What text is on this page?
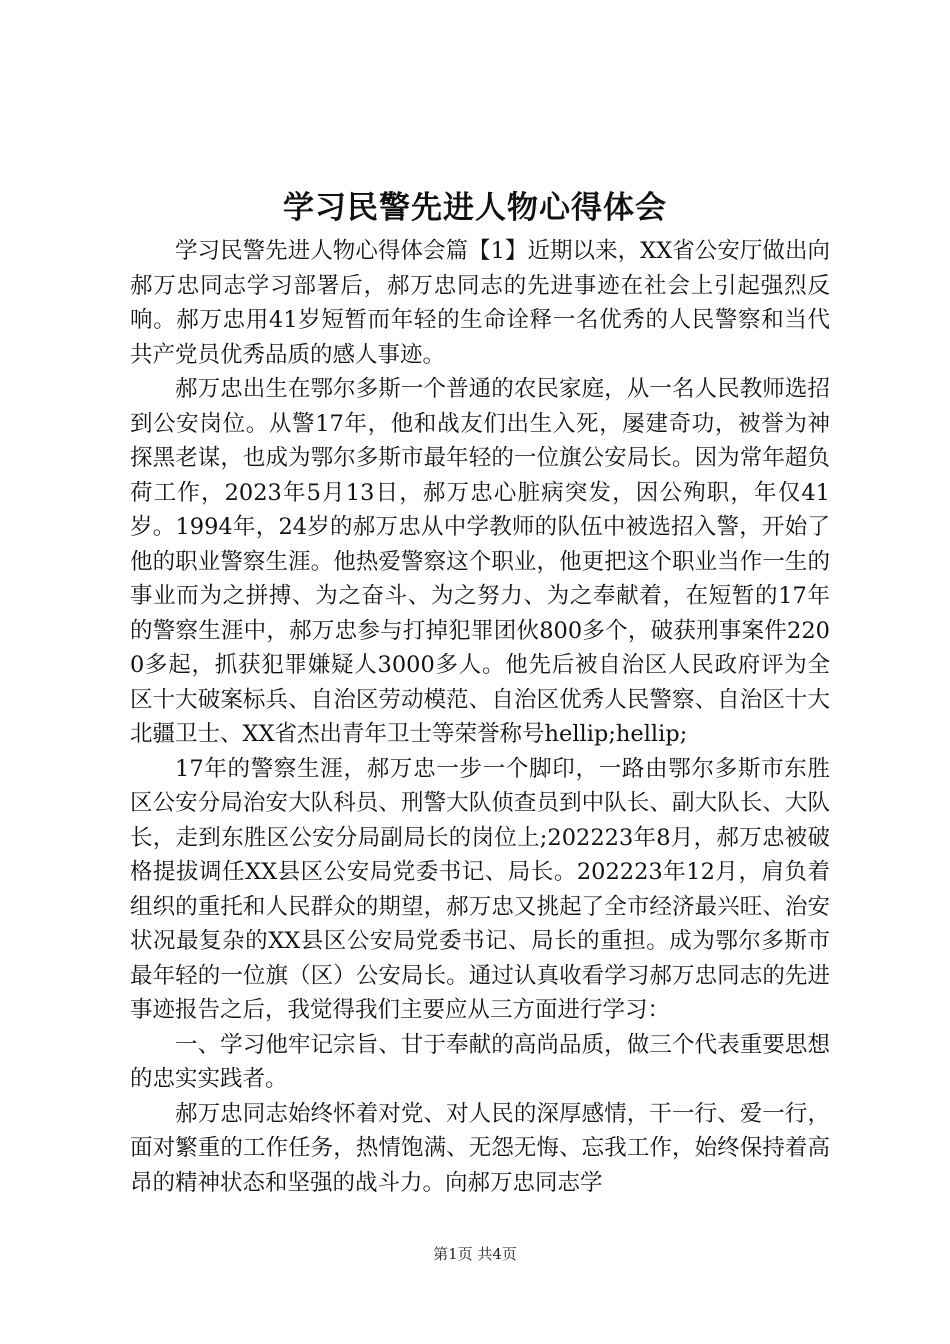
学习民警先进人物心得体会

学习民警先进人物心得体会篇【1】近期以来，XX省公安厅做出向郝万忠同志学习部署后，郝万忠同志的先进事迹在社会上引起强烈反响。郝万忠用41岁短暂而年轻的生命诠释一名优秀的人民警察和当代共产党员优秀品质的感人事迹。

郝万忠出生在鄂尔多斯一个普通的农民家庭，从一名人民教师选招到公安岗位。从警17年，他和战友们出生入死，屡建奇功，被誉为神探黑老谋，也成为鄂尔多斯市最年轻的一位旗公安局长。因为常年超负荷工作，2023年5月13日，郝万忠心脏病突发，因公殉职，年仅41岁。1994年，24岁的郝万忠从中学教师的队伍中被选招入警，开始了他的职业警察生涯。他热爱警察这个职业，他更把这个职业当作一生的事业而为之拼搏、为之奋斗、为之努力、为之奉献着，在短暂的17年的警察生涯中，郝万忠参与打掉犯罪团伙800多个，破获刑事案件2200多起，抓获犯罪嫌疑人3000多人。他先后被自治区人民政府评为全区十大破案标兵、自治区劳动模范、自治区优秀人民警察、自治区十大北疆卫士、XX省杰出青年卫士等荣誉称号hellip;hellip;

17年的警察生涯，郝万忠一步一个脚印，一路由鄂尔多斯市东胜区公安分局治安大队科员、刑警大队侦查员到中队长、副大队长、大队长，走到东胜区公安分局副局长的岗位上;202223年8月，郝万忠被破格提拔调任XX县区公安局党委书记、局长。202223年12月，肩负着组织的重托和人民群众的期望，郝万忠又挑起了全市经济最兴旺、治安状况最复杂的XX县区公安局党委书记、局长的重担。成为鄂尔多斯市最年轻的一位旗（区）公安局长。通过认真收看学习郝万忠同志的先进事迹报告之后，我觉得我们主要应从三方面进行学习：

一、学习他牢记宗旨、甘于奉献的高尚品质，做三个代表重要思想的忠实实践者。

郝万忠同志始终怀着对党、对人民的深厚感情，干一行、爱一行，面对繁重的工作任务，热情饱满、无怨无悔、忘我工作，始终保持着高昂的精神状态和坚强的战斗力。向郝万忠同志学

第1页 共4页
